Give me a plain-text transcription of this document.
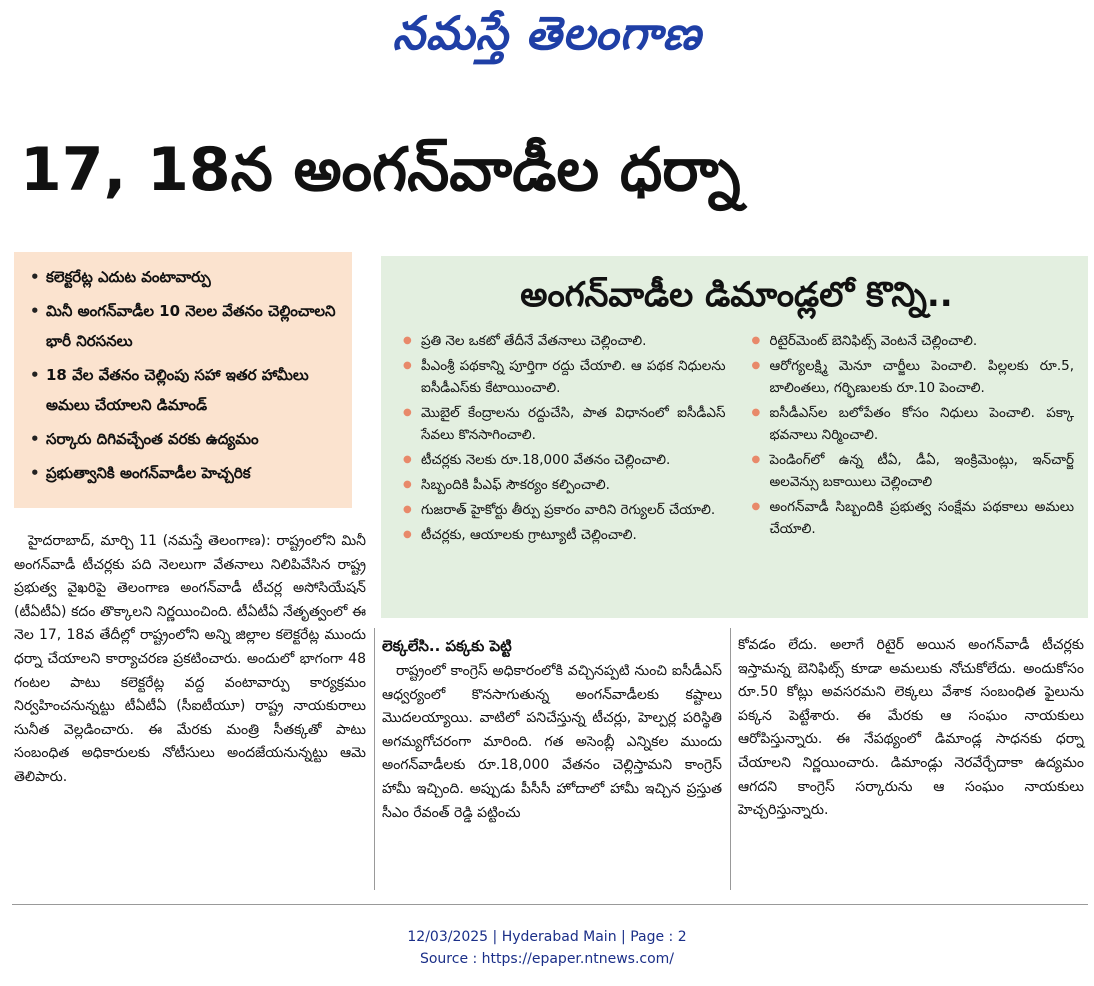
నమస్తే తెలంగాణ
17, 18న అంగన్‌వాడీల ధర్నా
• కలెక్టరేట్ల ఎదుట వంటావార్పు
• మినీ అంగన్‌వాడీల 10 నెలల వేతనం చెల్లించాలని భారీ నిరసనలు
• 18 వేల వేతనం చెల్లింపు సహా ఇతర హామీలు అమలు చేయాలని డిమాండ్
• సర్కారు దిగివచ్చేంత వరకు ఉద్యమం
• ప్రభుత్వానికి అంగన్‌వాడీల హెచ్చరిక
అంగన్‌వాడీల డిమాండ్లలో కొన్ని..
● ప్రతి నెల ఒకటో తేదీనే వేతనాలు చెల్లించాలి.
● పీఎంశ్రీ పథకాన్ని పూర్తిగా రద్దు చేయాలి. ఆ పథక నిధులను ఐసీడీఎస్‌కు కేటాయించాలి.
● మొబైల్ కేంద్రాలను రద్దుచేసి, పాత విధానంలో ఐసీడీఎస్ సేవలు కొనసాగించాలి.
● టీచర్లకు నెలకు రూ.18,000 వేతనం చెల్లించాలి.
● సిబ్బందికి పీఎఫ్ సౌకర్యం కల్పించాలి.
● గుజరాత్ హైకోర్టు తీర్పు ప్రకారం వారిని రెగ్యులర్ చేయాలి.
● టీచర్లకు, ఆయాలకు గ్రాట్యూటీ చెల్లించాలి.
● రిటైర్‌మెంట్ బెనిఫిట్స్ వెంటనే చెల్లించాలి.
● ఆరోగ్యలక్ష్మి మెనూ చార్జీలు పెంచాలి. పిల్లలకు రూ.5, బాలింతలు, గర్భిణులకు రూ.10 పెంచాలి.
● ఐసీడీఎస్‌ల బలోపేతం కోసం నిధులు పెంచాలి. పక్కా భవనాలు నిర్మించాలి.
● పెండింగ్‌లో ఉన్న టీఏ, డీఏ, ఇంక్రిమెంట్లు, ఇన్‌చార్జ్ అలవెన్సు బకాయిలు చెల్లించాలి
● అంగన్‌వాడీ సిబ్బందికి ప్రభుత్వ సంక్షేమ పథకాలు అమలు చేయాలి.

హైదరాబాద్, మార్చి 11 (నమస్తే తెలంగాణ): రాష్ట్రంలోని మినీ అంగన్‌వాడీ టీచర్లకు పది నెలలుగా వేతనాలు నిలిపివేసిన రాష్ట్ర ప్రభుత్వ వైఖరిపై తెలంగాణ అంగన్‌వాడీ టీచర్ల అసోసియేషన్ (టీఏటీఏ) కదం తొక్కాలని నిర్ణయించింది. టీఏటీఏ నేతృత్వంలో ఈ నెల 17, 18వ తేదీల్లో రాష్ట్రంలోని అన్ని జిల్లాల కలెక్టరేట్ల ముందు ధర్నా చేయాలని కార్యాచరణ ప్రకటించారు. అందులో భాగంగా 48 గంటల పాటు కలెక్టరేట్ల వద్ద వంటావార్పు కార్యక్రమం నిర్వహించనున్నట్టు టీఏటీఏ (సీఐటీయూ) రాష్ట్ర నాయకురాలు సునీత వెల్లడించారు. ఈ మేరకు మంత్రి సీతక్కతో పాటు సంబంధిత అధికారులకు నోటీసులు అందజేయనున్నట్టు ఆమె తెలిపారు.

లెక్కలేసి.. పక్కకు పెట్టి

రాష్ట్రంలో కాంగ్రెస్ అధికారంలోకి వచ్చినప్పటి నుంచి ఐసీడీఎస్ ఆధ్వర్యంలో కొనసాగుతున్న అంగన్‌వాడీలకు కష్టాలు మొదలయ్యాయి. వాటిలో పనిచేస్తున్న టీచర్లు, హెల్పర్ల పరిస్థితి అగమ్యగోచరంగా మారింది. గత అసెంబ్లీ ఎన్నికల ముందు అంగన్‌వాడీలకు రూ.18,000 వేతనం చెల్లిస్తామని కాంగ్రెస్ హామీ ఇచ్చింది. అప్పుడు పీసీసీ హోదాలో హామీ ఇచ్చిన ప్రస్తుత సీఎం రేవంత్ రెడ్డి పట్టించు

కోవడం లేదు. అలాగే రిటైర్ అయిన అంగన్‌వాడీ టీచర్లకు ఇస్తామన్న బెనిఫిట్స్ కూడా అమలుకు నోచుకోలేదు. అందుకోసం రూ.50 కోట్లు అవసరమని లెక్కలు వేశాక సంబంధిత ఫైలును పక్కన పెట్టేశారు. ఈ మేరకు ఆ సంఘం నాయకులు ఆరోపిస్తున్నారు. ఈ నేపథ్యంలో డిమాండ్ల సాధనకు ధర్నా చేయాలని నిర్ణయించారు. డిమాండ్లు నెరవేర్చేదాకా ఉద్యమం ఆగదని కాంగ్రెస్ సర్కారును ఆ సంఘం నాయకులు హెచ్చరిస్తున్నారు.

12/03/2025 | Hyderabad Main | Page : 2
Source : https://epaper.ntnews.com/
